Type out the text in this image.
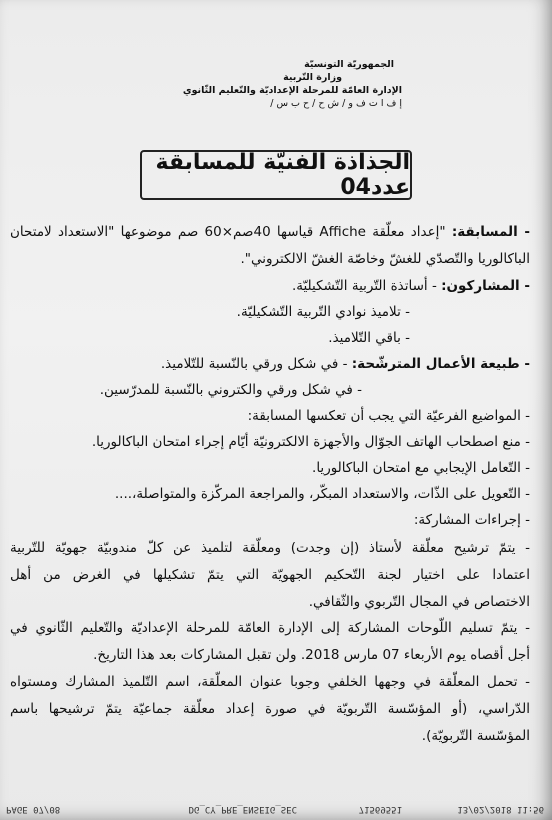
الجمهوريّة التونسيّة
وزارة التّربية
الإدارة العامّة للمرحلة الإعداديّة والتّعليم الثّانوي
إ ف ا ت ف و / ش ح / ح ب س /
الجذاذة الفنيّة للمسابقة عدد04
- المسابقة: "إعداد معلّقة Affiche قياسها 40صم×60 صم موضوعها "الاستعداد لامتحان
الباكالوريا والتّصدّي للغشّ وخاصّة الغشّ الالكتروني".
- المشاركون: - أساتذة التّربية التّشكيليّة.
- تلاميذ نوادي التّربية التّشكيليّة.
- باقي التّلاميذ.
- طبيعة الأعمال المترشّحة: - في شكل ورقي بالنّسبة للتّلاميذ.
- في شكل ورقي والكتروني بالنّسبة للمدرّسين.
- المواضيع الفرعيّة التي يجب أن تعكسها المسابقة:
- منع اصطحاب الهاتف الجوّال والأجهزة الالكترونيّة أيّام إجراء امتحان الباكالوريا.
- التّعامل الإيجابي مع امتحان الباكالوريا.
- التّعويل على الذّات، والاستعداد المبكّر، والمراجعة المركّزة والمتواصلة،....
- إجراءات المشاركة:
- يتمّ ترشيح معلّقة لأستاذ (إن وجدت) ومعلّقة لتلميذ عن كلّ مندوبيّة جهويّة للتّربية
اعتمادا على اختيار لجنة التّحكيم الجهويّة التي يتمّ تشكيلها في الغرض من أهل
الاختصاص في المجال التّربوي والثّقافي.
- يتمّ تسليم اللّوحات المشاركة إلى الإدارة العامّة للمرحلة الإعداديّة والتّعليم الثّانوي في
أجل أقصاه يوم الأربعاء 07 مارس 2018. ولن تقبل المشاركات بعد هذا التاريخ.
- تحمل المعلّقة في وجهها الخلفي وجوبا عنوان المعلّقة، اسم التّلميذ المشارك ومستواه
الدّراسي، (أو المؤسّسة التّربويّة في صورة إعداد معلّقة جماعيّة يتمّ ترشيحها باسم
المؤسّسة التّربويّة).
13/02/2018 11:56
71569551
DG_CY_PRE_ENSEIG_SEC
PAGE 07/08
